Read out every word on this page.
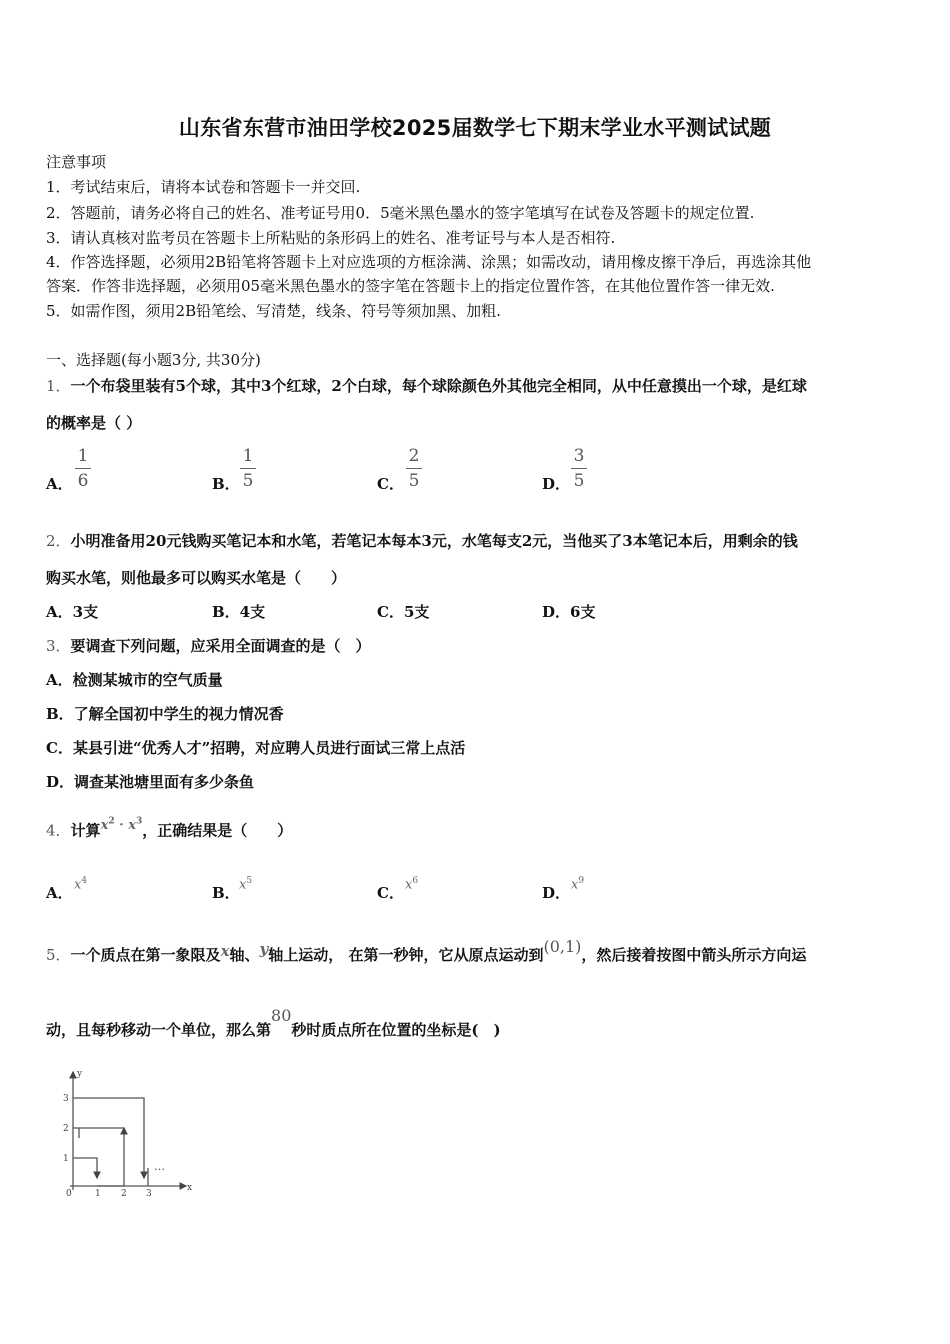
山东省东营市油田学校2025届数学七下期末学业水平测试试题
注意事项
1．考试结束后，请将本试卷和答题卡一并交回.
2．答题前，请务必将自己的姓名、准考证号用0．5毫米黑色墨水的签字笔填写在试卷及答题卡的规定位置.
3．请认真核对监考员在答题卡上所粘贴的条形码上的姓名、准考证号与本人是否相符.
4．作答选择题，必须用2B铅笔将答题卡上对应选项的方框涂满、涂黑；如需改动，请用橡皮擦干净后，再选涂其他
答案．作答非选择题，必须用05毫米黑色墨水的签字笔在答题卡上的指定位置作答，在其他位置作答一律无效.
5．如需作图，须用2B铅笔绘、写清楚，线条、符号等须加黑、加粗.
一、选择题(每小题3分, 共30分)
1．一个布袋里装有5个球，其中3个红球，2个白球，每个球除颜色外其他完全相同，从中任意摸出一个球，是红球
的概率是（ ）
A．
1
6	B．
1
5	C．
2
5	D．
3
5
2．小明准备用20元钱购买笔记本和水笔，若笔记本每本3元，水笔每支2元，当他买了3本笔记本后，用剩余的钱
购买水笔，则他最多可以购买水笔是（　　）
A．3支	B．4支	C．5支	D．6支
3．要调查下列问题，应采用全面调查的是（　）
A．检测某城市的空气质量
B．了解全国初中学生的视力情况香
C．某县引进“优秀人才”招聘，对应聘人员进行面试三常上点活
D．调查某池塘里面有多少条鱼
4．计算$x^2 \cdot x^3$，正确结果是（　　）
A． $x^4$
B． $x^5$
C． $x^6$
D． $x^9$
5．一个质点在第一象限及x轴、y轴上运动， 在第一秒钟，它从原点运动到(0,1)，然后接着按图中箭头所示方向运
动，且每秒移动一个单位，那么第80秒时质点所在位置的坐标是(　)
y
x
0	1 2 3
1
2
3
…
